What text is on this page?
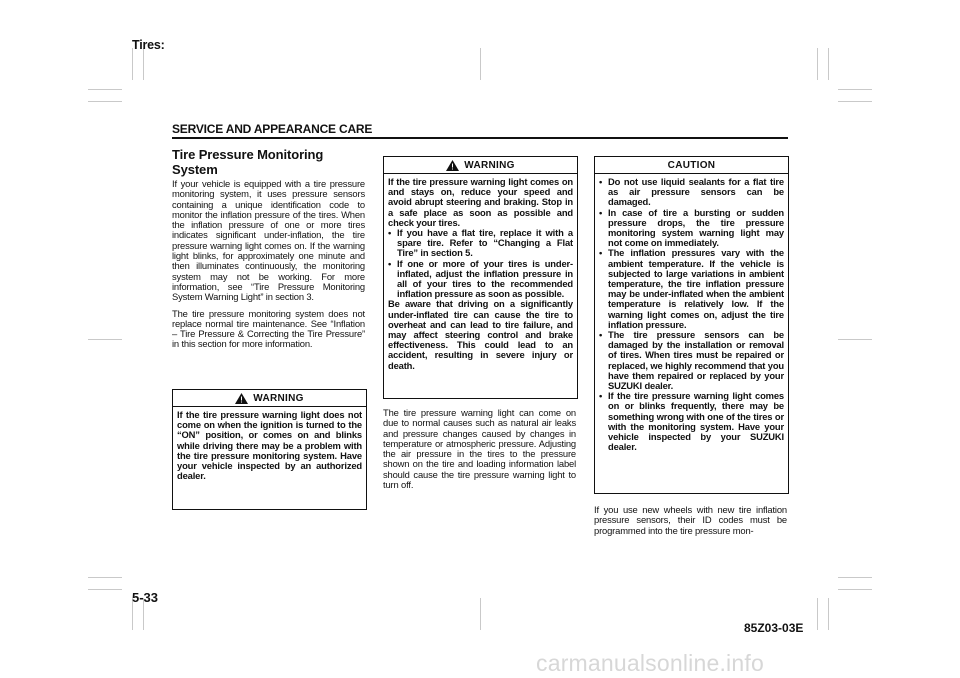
Tires:
SERVICE AND APPEARANCE CARE
Tire Pressure Monitoring System

If your vehicle is equipped with a tire pressure monitoring system, it uses pressure sensors containing a unique identification code to monitor the inflation pressure of the tires. When the inflation pressure of one or more tires indicates significant under-inflation, the tire pressure warning light comes on. If the warning light blinks, for approximately one minute and then illuminates continuously, the monitoring system may not be working. For more information, see “Tire Pressure Monitoring System Warning Light” in section 3.

The tire pressure monitoring system does not replace normal tire maintenance. See “Inflation – Tire Pressure & Correcting the Tire Pressure” in this section for more information.

WARNING

If the tire pressure warning light does not come on when the ignition is turned to the “ON” position, or comes on and blinks while driving there may be a problem with the tire pressure monitoring system. Have your vehicle inspected by an authorized dealer.

WARNING

If the tire pressure warning light comes on and stays on, reduce your speed and avoid abrupt steering and braking. Stop in a safe place as soon as possible and check your tires.

• If you have a flat tire, replace it with a spare tire. Refer to “Changing a Flat Tire” in section 5.
• If one or more of your tires is under-inflated, adjust the inflation pressure in all of your tires to the recommended inflation pressure as soon as possible.

Be aware that driving on a significantly under-inflated tire can cause the tire to overheat and can lead to tire failure, and may affect steering control and brake effectiveness. This could lead to an accident, resulting in severe injury or death.

The tire pressure warning light can come on due to normal causes such as natural air leaks and pressure changes caused by changes in temperature or atmospheric pressure. Adjusting the air pressure in the tires to the pressure shown on the tire and loading information label should cause the tire pressure warning light to turn off.

CAUTION
• Do not use liquid sealants for a flat tire as air pressure sensors can be damaged.
• In case of tire a bursting or sudden pressure drops, the tire pressure monitoring system warning light may not come on immediately.
• The inflation pressures vary with the ambient temperature. If the vehicle is subjected to large variations in ambient temperature, the tire inflation pressure may be under-inflated when the ambient temperature is relatively low. If the warning light comes on, adjust the tire inflation pressure.
• The tire pressure sensors can be damaged by the installation or removal of tires. When tires must be repaired or replaced, we highly recommend that you have them repaired or replaced by your SUZUKI dealer.
• If the tire pressure warning light comes on or blinks frequently, there may be something wrong with one of the tires or with the monitoring system. Have your vehicle inspected by your SUZUKI dealer.

If you use new wheels with new tire inflation pressure sensors, their ID codes must be programmed into the tire pressure mon-

5-33
85Z03-03E
carmanualsonline.info
